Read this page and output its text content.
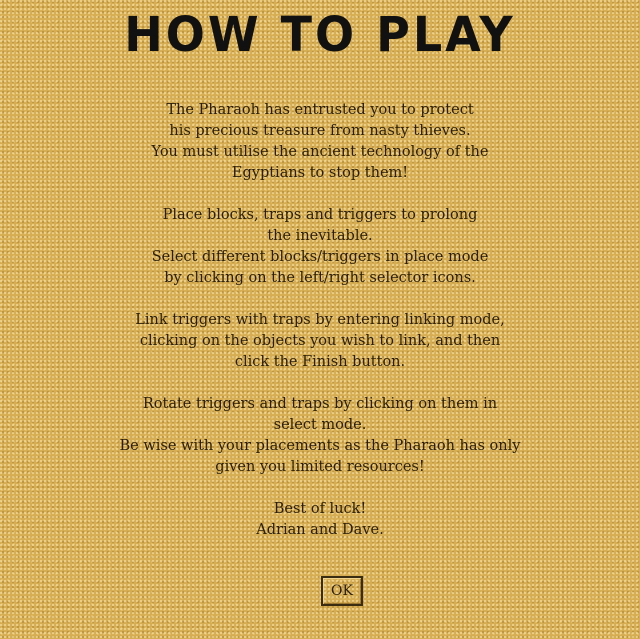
HOW TO PLAY
The Pharaoh has entrusted you to protect
his precious treasure from nasty thieves.
You must utilise the ancient technology of the
Egyptians to stop them!
Place blocks, traps and triggers to prolong
the inevitable.
Select different blocks/triggers in place mode
by clicking on the left/right selector icons.
Link triggers with traps by entering linking mode,
clicking on the objects you wish to link, and then
click the Finish button.
Rotate triggers and traps by clicking on them in
select mode.
Be wise with your placements as the Pharaoh has only
given you limited resources!
Best of luck!
Adrian and Dave.
OK
